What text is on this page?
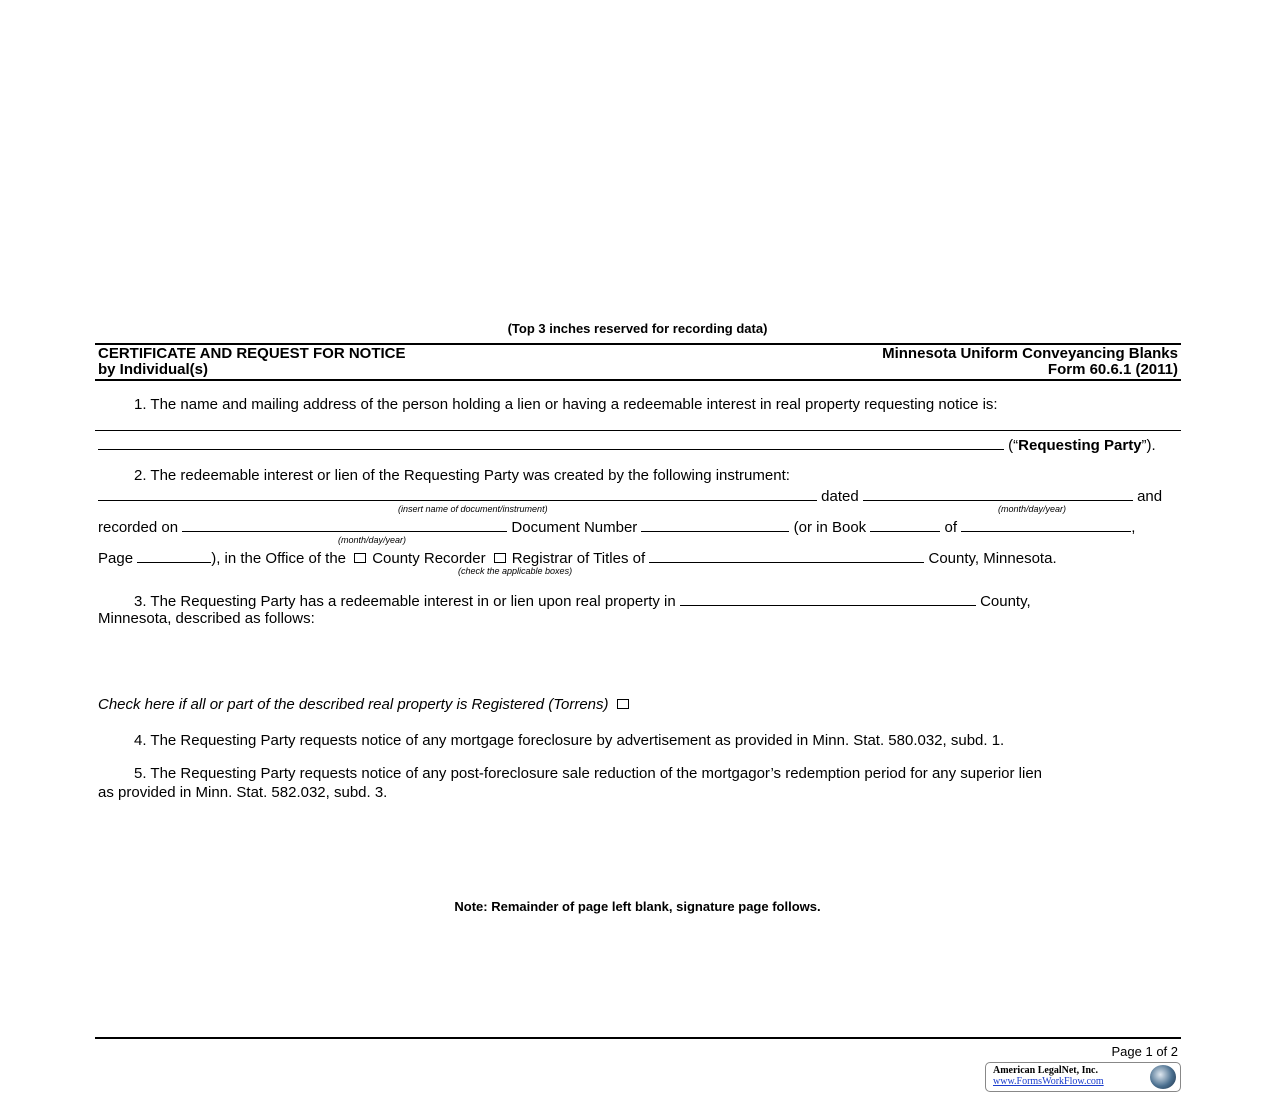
(Top 3 inches reserved for recording data)
CERTIFICATE AND REQUEST FOR NOTICE
by Individual(s)
Minnesota Uniform Conveyancing Blanks
Form 60.6.1 (2011)
1. The name and mailing address of the person holding a lien or having a redeemable interest in real property requesting notice is:
(“Requesting Party”).
2. The redeemable interest or lien of the Requesting Party was created by the following instrument:
dated	and
(insert name of document/instrument)	(month/day/year)
recorded on	Document Number	(or in Book	of	,
(month/day/year)
Page	), in the Office of the County Recorder Registrar of Titles of	County, Minnesota.
(check the applicable boxes)
3. The Requesting Party has a redeemable interest in or lien upon real property in	County,
Minnesota, described as follows:
Check here if all or part of the described real property is Registered (Torrens)
4. The Requesting Party requests notice of any mortgage foreclosure by advertisement as provided in Minn. Stat. 580.032, subd. 1.
5. The Requesting Party requests notice of any post-foreclosure sale reduction of the mortgagor’s redemption period for any superior lien
as provided in Minn. Stat. 582.032, subd. 3.
Note: Remainder of page left blank, signature page follows.
Page 1 of 2
American LegalNet, Inc.
www.FormsWorkFlow.com
